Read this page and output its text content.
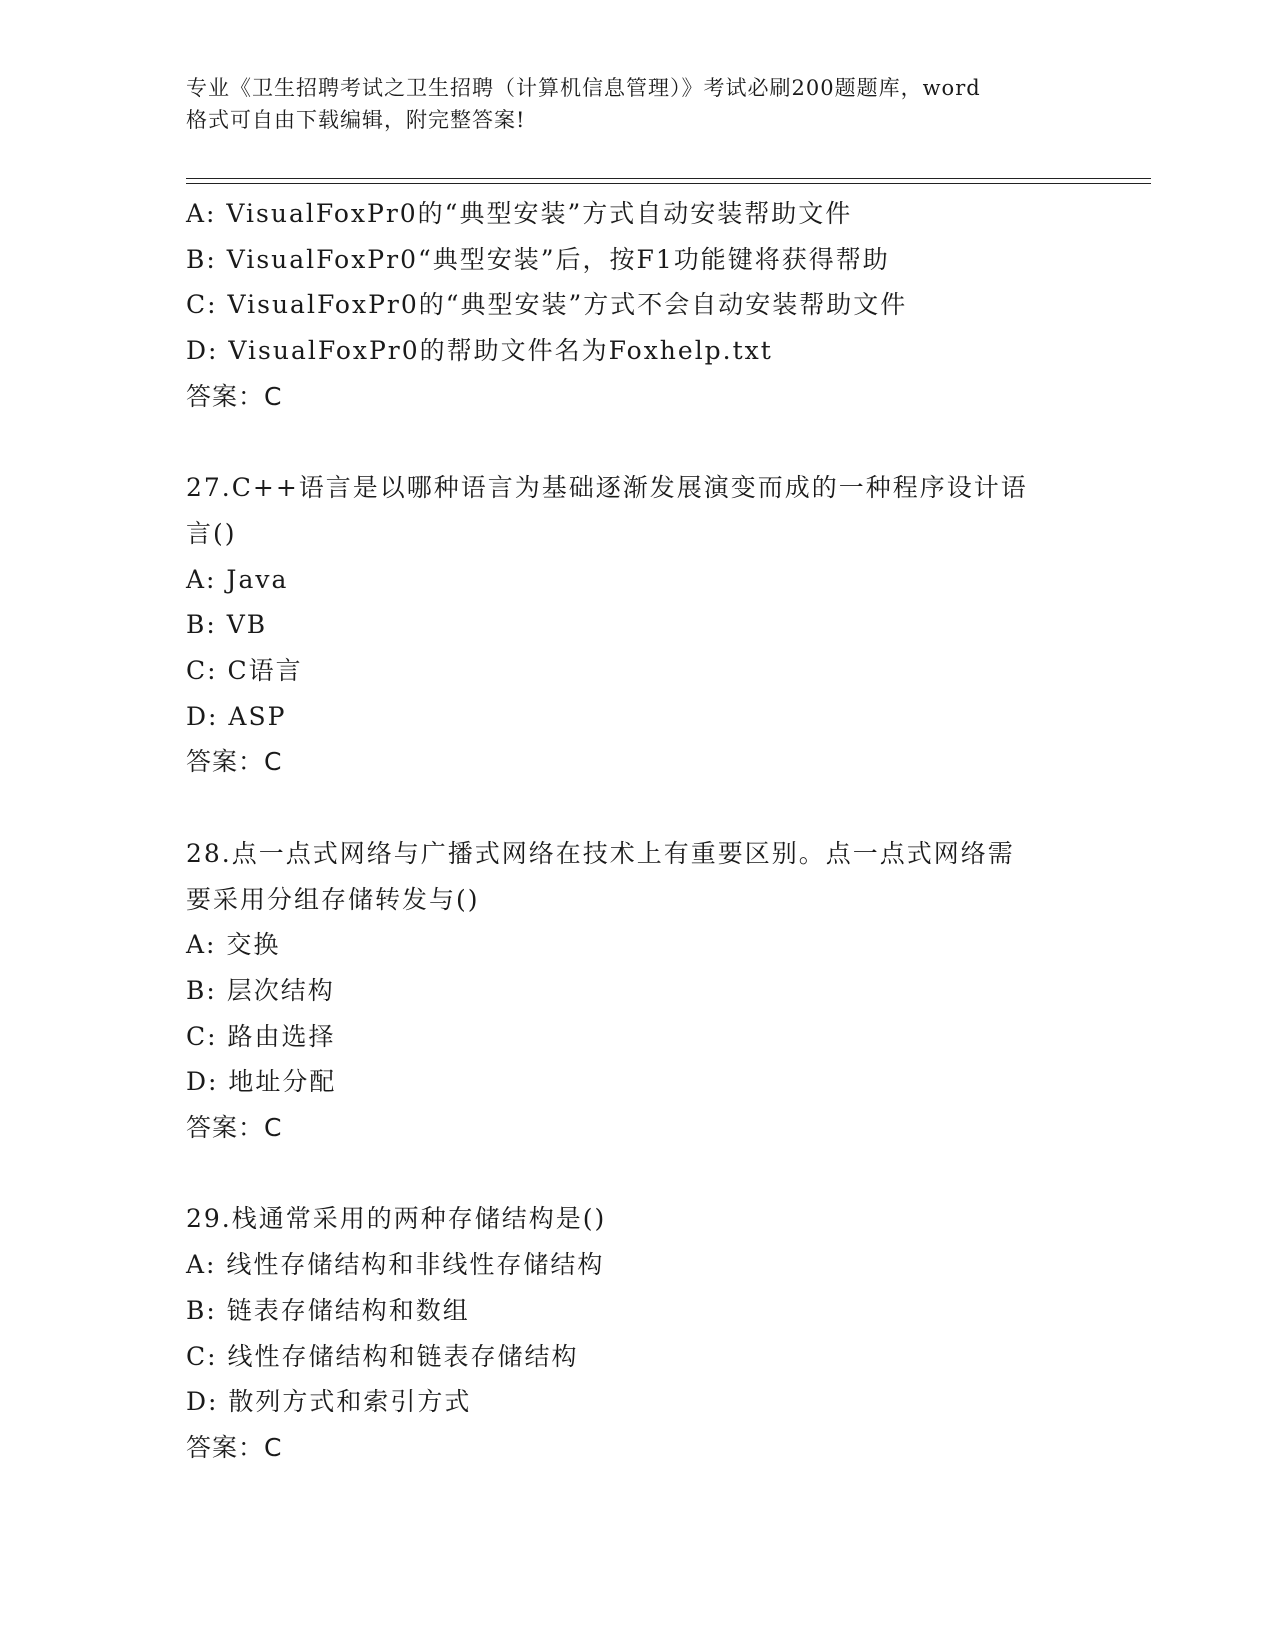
专业《卫生招聘考试之卫生招聘（计算机信息管理）》考试必刷200题题库，word
格式可自由下载编辑，附完整答案!
A: VisualFoxPr0的“典型安装”方式自动安装帮助文件
B: VisualFoxPr0“典型安装”后，按F1功能键将获得帮助
C: VisualFoxPr0的“典型安装”方式不会自动安装帮助文件
D: VisualFoxPr0的帮助文件名为Foxhelp.txt
答案：C
27.C++语言是以哪种语言为基础逐渐发展演变而成的一种程序设计语
言()
A: Java
B: VB
C: C语言
D: ASP
答案：C
28.点一点式网络与广播式网络在技术上有重要区别。点一点式网络需
要采用分组存储转发与()
A: 交换
B: 层次结构
C: 路由选择
D: 地址分配
答案：C
29.栈通常采用的两种存储结构是()
A: 线性存储结构和非线性存储结构
B: 链表存储结构和数组
C: 线性存储结构和链表存储结构
D: 散列方式和索引方式
答案：C
